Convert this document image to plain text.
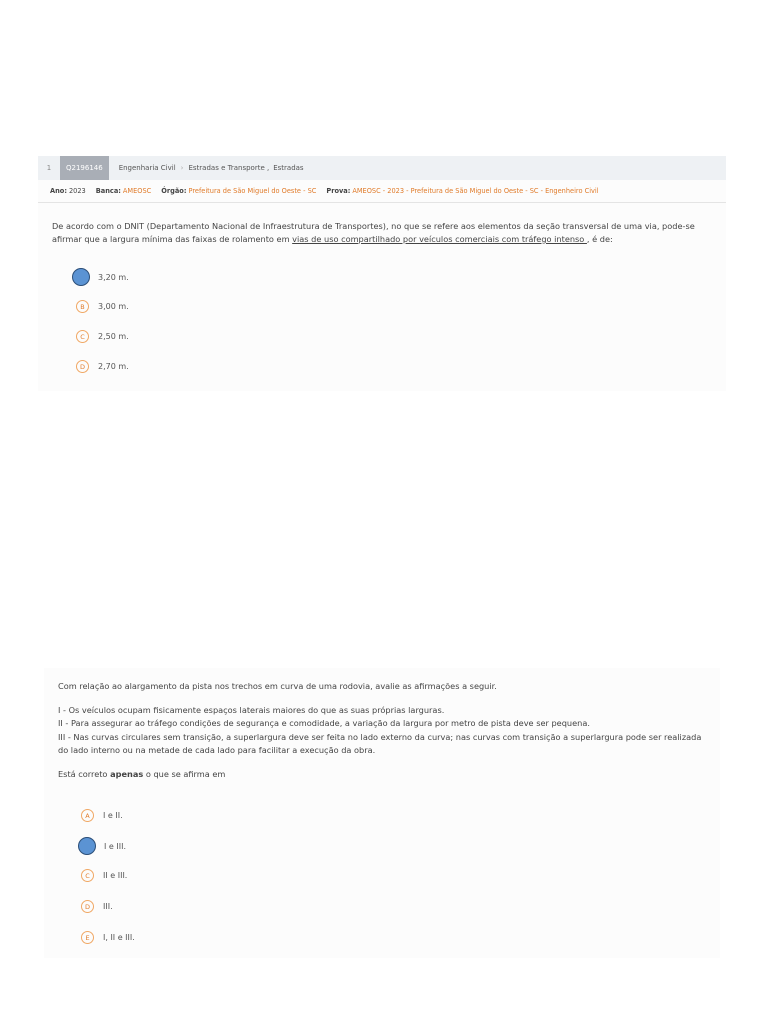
1	Q2196146	Engenharia Civil › Estradas e Transporte , Estradas
Ano: 2023 Banca: AMEOSC Órgão: Prefeitura de São Miguel do Oeste - SC Prova: AMEOSC - 2023 - Prefeitura de São Miguel do Oeste - SC - Engenheiro Civil
De acordo com o DNIT (Departamento Nacional de Infraestrutura de Transportes), no que se refere aos elementos da seção transversal de uma via, pode-se afirmar que a largura mínima das faixas de rolamento em vias de uso compartilhado por veículos comerciais com tráfego intenso , é de:
3,20 m.
B	3,00 m.
C	2,50 m.
D	2,70 m.

Com relação ao alargamento da pista nos trechos em curva de uma rodovia, avalie as afirmações a seguir.

I - Os veículos ocupam fisicamente espaços laterais maiores do que as suas próprias larguras.

II - Para assegurar ao tráfego condições de segurança e comodidade, a variação da largura por metro de pista deve ser pequena.

III - Nas curvas circulares sem transição, a superlargura deve ser feita no lado externo da curva; nas curvas com transição a superlargura pode ser realizada do lado interno ou na metade de cada lado para facilitar a execução da obra.

Está correto apenas o que se afirma em

A	I e II.
I e III.
C	II e III.
D	III.
E	I, II e III.
